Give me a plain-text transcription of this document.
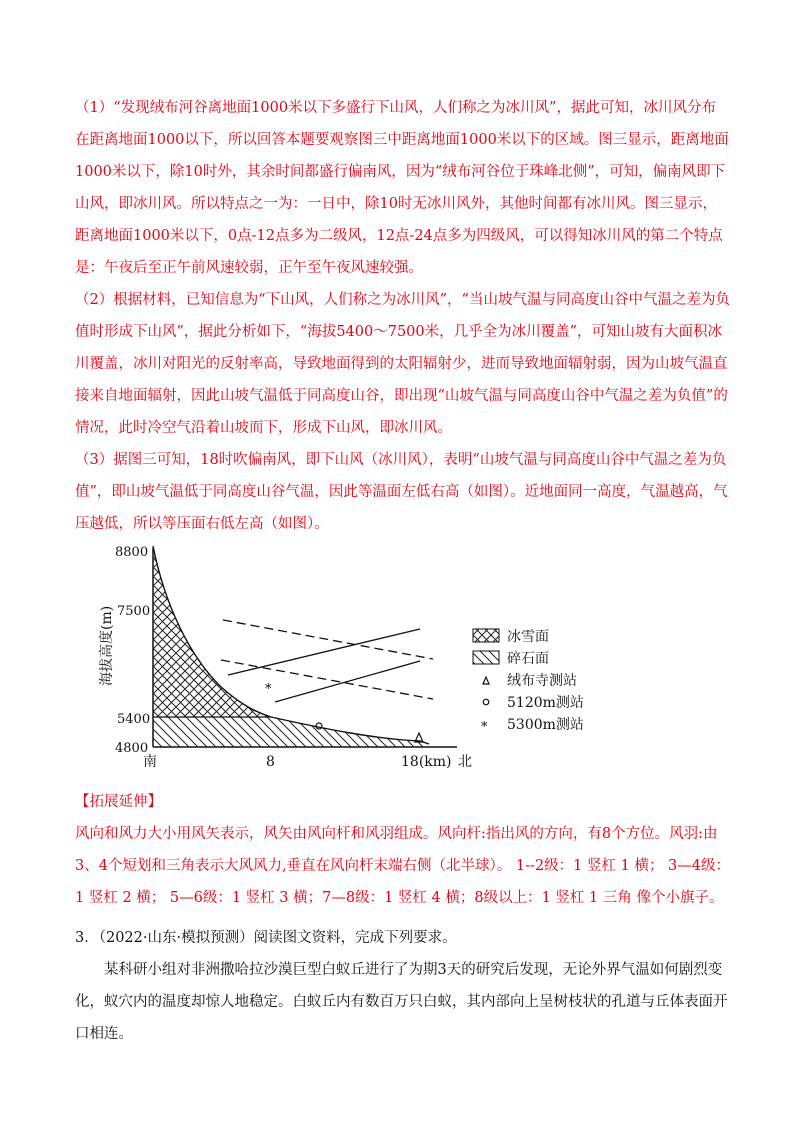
（1）“发现绒布河谷离地面1000米以下多盛行下山风，人们称之为冰川风”，据此可知，冰川风分布在距离地面1000以下，所以回答本题要观察图三中距离地面1000米以下的区域。图三显示，距离地面1000米以下，除10时外，其余时间都盛行偏南风，因为“绒布河谷位于珠峰北侧”，可知，偏南风即下山风，即冰川风。所以特点之一为：一日中，除10时无冰川风外，其他时间都有冰川风。图三显示，距离地面1000米以下，0点-12点多为二级风，12点-24点多为四级风，可以得知冰川风的第二个特点是：午夜后至正午前风速较弱，正午至午夜风速较强。

（2）根据材料，已知信息为“下山风，人们称之为冰川风”，“当山坡气温与同高度山谷中气温之差为负值时形成下山风”，据此分析如下，“海拔5400～7500米，几乎全为冰川覆盖”，可知山坡有大面积冰川覆盖，冰川对阳光的反射率高，导致地面得到的太阳辐射少，进而导致地面辐射弱，因为山坡气温直接来自地面辐射，因此山坡气温低于同高度山谷，即出现“山坡气温与同高度山谷中气温之差为负值”的情况，此时冷空气沿着山坡而下，形成下山风，即冰川风。

（3）据图三可知，18时吹偏南风，即下山风（冰川风），表明“山坡气温与同高度山谷中气温之差为负值”，即山坡气温低于同高度山谷气温，因此等温面左低右高（如图）。近地面同一高度，气温越高，气压越低，所以等压面右低左高（如图）。

8800
7500
5400
4800
海拔高度(m)
*
南	8	18(km) 北
冰雪面
碎石面
绒布寺测站
5120m测站
* 5300m测站
【拓展延伸】

风向和风力大小用风矢表示，风矢由风向杆和风羽组成。风向杆:指出风的方向，有8个方位。风羽:由3、4个短划和三角表示大风风力,垂直在风向杆末端右侧（北半球）。 1--2级：1 竖杠 1 横； 3—4级：1 竖杠 2 横； 5—6级：1 竖杠 3 横；7—8级：1 竖杠 4 横；8级以上：1 竖杠 1 三角 像个小旗子。

3．（2022·山东·模拟预测）阅读图文资料，完成下列要求。

某科研小组对非洲撒哈拉沙漠巨型白蚁丘进行了为期3天的研究后发现，无论外界气温如何剧烈变化，蚁穴内的温度却惊人地稳定。白蚁丘内有数百万只白蚁，其内部向上呈树枝状的孔道与丘体表面开口相连。
